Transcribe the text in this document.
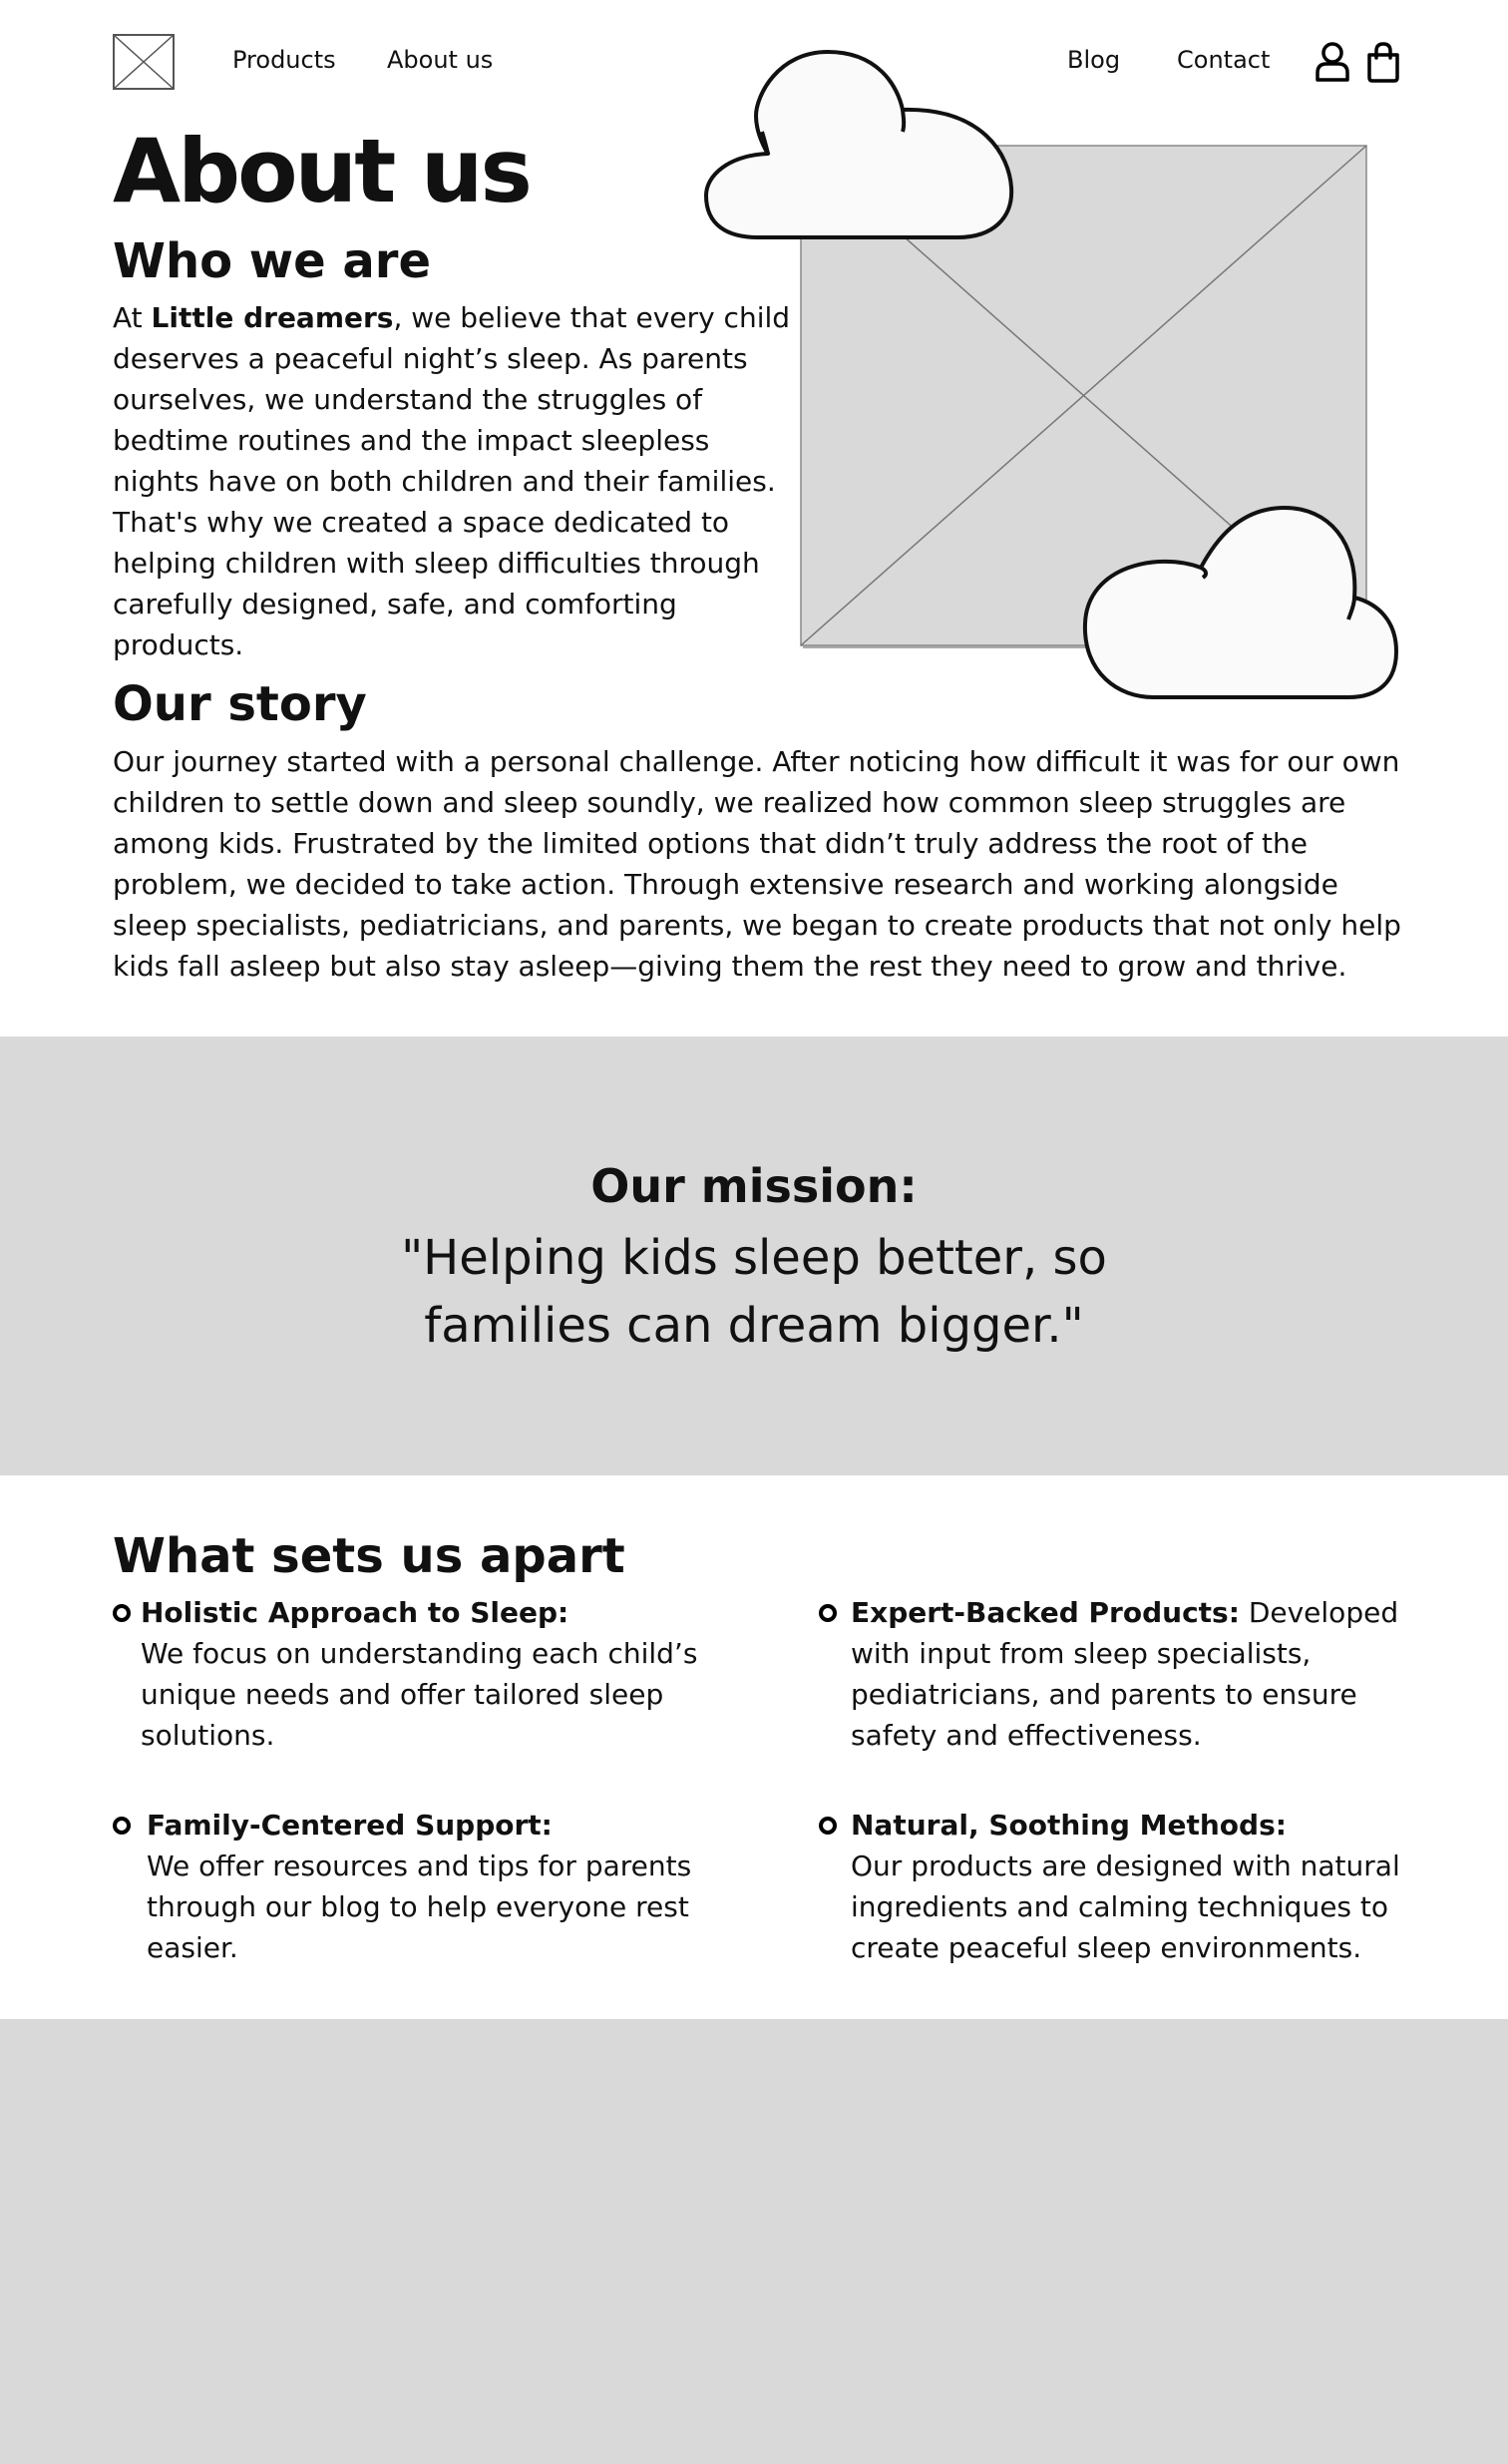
Products About us	Blog Contact
About us
Who we are

At Little dreamers, we believe that every child deserves a peaceful night’s sleep. As parents ourselves, we understand the struggles of bedtime routines and the impact sleepless nights have on both children and their families. That's why we created a space dedicated to helping children with sleep difficulties through carefully designed, safe, and comforting products.

Our story

Our journey started with a personal challenge. After noticing how difficult it was for our own children to settle down and sleep soundly, we realized how common sleep struggles are among kids. Frustrated by the limited options that didn’t truly address the root of the problem, we decided to take action. Through extensive research and working alongside sleep specialists, pediatricians, and parents, we began to create products that not only help kids fall asleep but also stay asleep—giving them the rest they need to grow and thrive.

Our mission:
"Helping kids sleep better, so families can dream bigger."
What sets us apart
Holistic Approach to Sleep:
We focus on understanding each child’s unique needs and offer tailored sleep solutions.
Expert-Backed Products: Developed with input from sleep specialists, pediatricians, and parents to ensure safety and effectiveness.
Family-Centered Support:
We offer resources and tips for parents through our blog to help everyone rest easier.
Natural, Soothing Methods:
Our products are designed with natural ingredients and calming techniques to create peaceful sleep environments.
